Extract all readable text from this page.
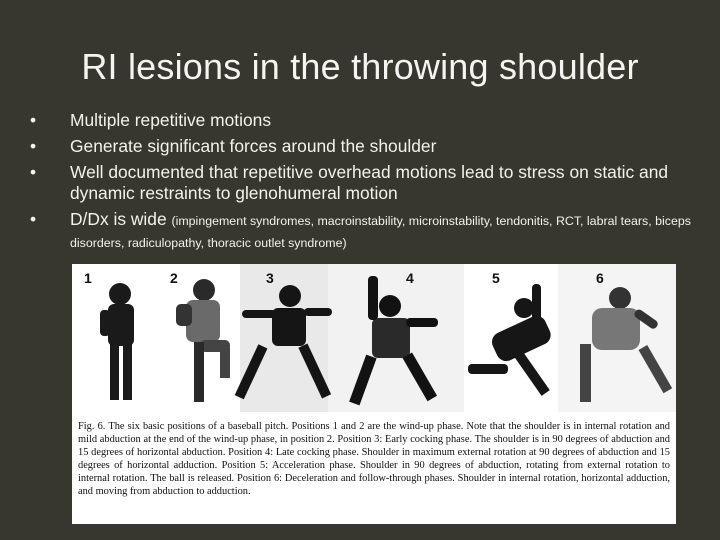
RI lesions in the throwing shoulder
• Multiple repetitive motions
• Generate significant forces around the shoulder
• Well documented that repetitive overhead motions lead to stress on static and dynamic restraints to glenohumeral motion
• D/Dx is wide (impingement syndromes, macroinstability, microinstability, tendonitis, RCT, labral tears, biceps disorders, radiculopathy, thoracic outlet syndrome)
1	2	3	4	5	6
Fig. 6. The six basic positions of a baseball pitch. Positions 1 and 2 are the wind-up phase. Note that the shoulder is in internal rotation and mild abduction at the end of the wind-up phase, in position 2. Position 3: Early cocking phase. The shoulder is in 90 degrees of abduction and 15 degrees of horizontal abduction. Position 4: Late cocking phase. Shoulder in maximum external rotation at 90 degrees of abduction and 15 degrees of horizontal adduction. Position 5: Acceleration phase. Shoulder in 90 degrees of abduction, rotating from external rotation to internal rotation. The ball is released. Position 6: Deceleration and follow-through phases. Shoulder in internal rotation, horizontal adduction, and moving from abduction to adduction.
